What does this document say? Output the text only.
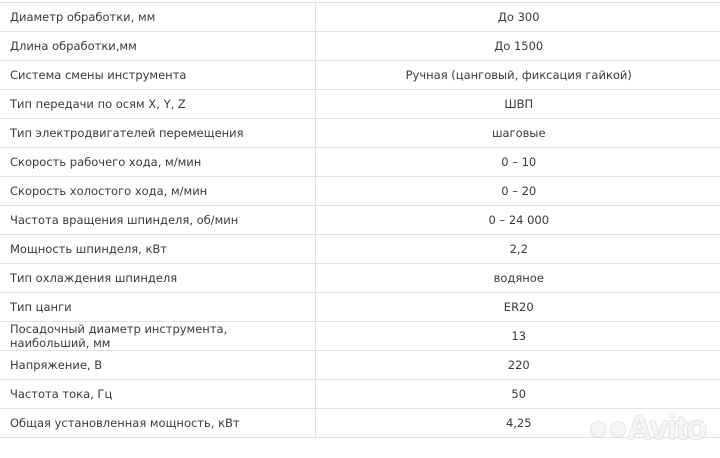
Диаметр обработки, мм	До 300
Длина обработки,мм	До 1500
Система смены инструмента	Ручная (цанговый, фиксация гайкой)
Тип передачи по осям X, Y, Z	ШВП
Тип электродвигателей перемещения	шаговые
Скорость рабочего хода, м/мин	0 – 10
Скорость холостого хода, м/мин	0 – 20
Частота вращения шпинделя, об/мин	0 – 24 000
Мощность шпинделя, кВт	2,2
Тип охлаждения шпинделя	водяное
Тип цанги	ER20
Посадочный диаметр инструмента, наибольший, мм	13
Напряжение, В	220
Частота тока, Гц	50
Общая установленная мощность, кВт	4,25 ●●Avito
